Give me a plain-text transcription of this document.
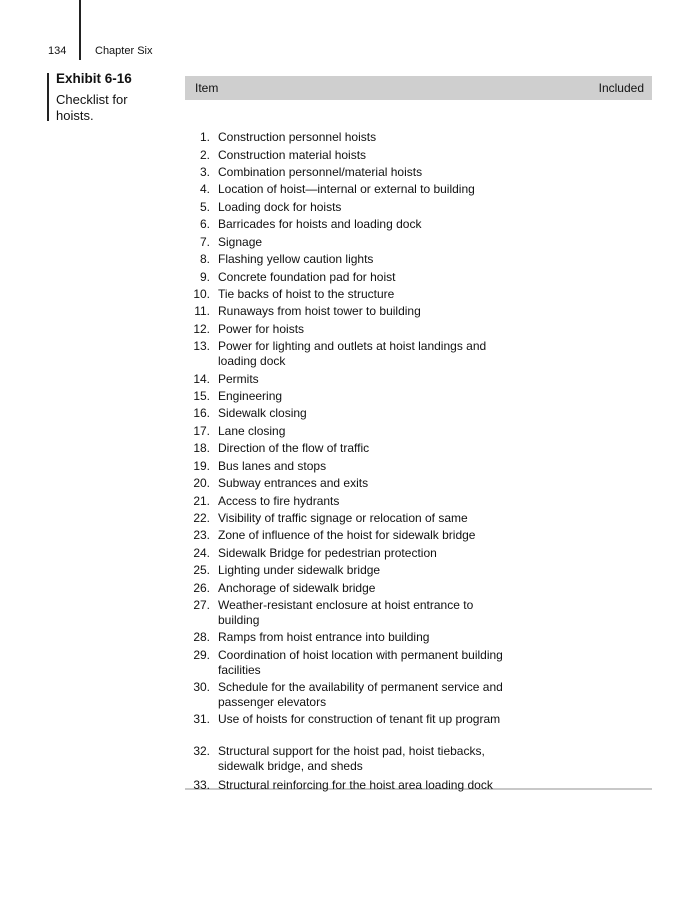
134	Chapter Six
Exhibit 6-16
Checklist for hoists.
Item	Included
1. Construction personnel hoists
2. Construction material hoists
3. Combination personnel/material hoists
4. Location of hoist—internal or external to building
5. Loading dock for hoists
6. Barricades for hoists and loading dock
7. Signage
8. Flashing yellow caution lights
9. Concrete foundation pad for hoist
10. Tie backs of hoist to the structure
11. Runaways from hoist tower to building
12. Power for hoists
13. Power for lighting and outlets at hoist landings and loading dock
14. Permits
15. Engineering
16. Sidewalk closing
17. Lane closing
18. Direction of the flow of traffic
19. Bus lanes and stops
20. Subway entrances and exits
21. Access to fire hydrants
22. Visibility of traffic signage or relocation of same
23. Zone of influence of the hoist for sidewalk bridge
24. Sidewalk Bridge for pedestrian protection
25. Lighting under sidewalk bridge
26. Anchorage of sidewalk bridge
27. Weather-resistant enclosure at hoist entrance to building
28. Ramps from hoist entrance into building
29. Coordination of hoist location with permanent building facilities
30. Schedule for the availability of permanent service and passenger elevators
31. Use of hoists for construction of tenant fit up program
32. Structural support for the hoist pad, hoist tiebacks, sidewalk bridge, and sheds
33. Structural reinforcing for the hoist area loading dock
